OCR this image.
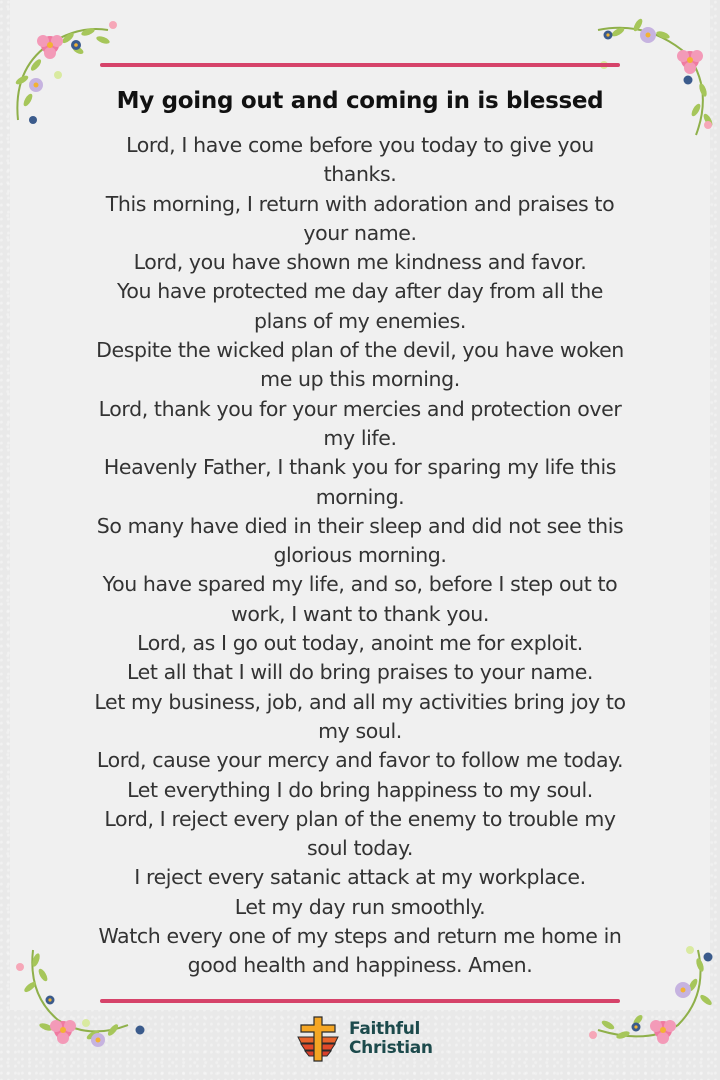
My going out and coming in is blessed
Lord, I have come before you today to give you
thanks.
This morning, I return with adoration and praises to
your name.
Lord, you have shown me kindness and favor.
You have protected me day after day from all the
plans of my enemies.
Despite the wicked plan of the devil, you have woken
me up this morning.
Lord, thank you for your mercies and protection over
my life.
Heavenly Father, I thank you for sparing my life this
morning.
So many have died in their sleep and did not see this
glorious morning.
You have spared my life, and so, before I step out to
work, I want to thank you.
Lord, as I go out today, anoint me for exploit.
Let all that I will do bring praises to your name.
Let my business, job, and all my activities bring joy to
my soul.
Lord, cause your mercy and favor to follow me today.
Let everything I do bring happiness to my soul.
Lord, I reject every plan of the enemy to trouble my
soul today.
I reject every satanic attack at my workplace.
Let my day run smoothly.
Watch every one of my steps and return me home in
good health and happiness. Amen.
Faithful
Christian
